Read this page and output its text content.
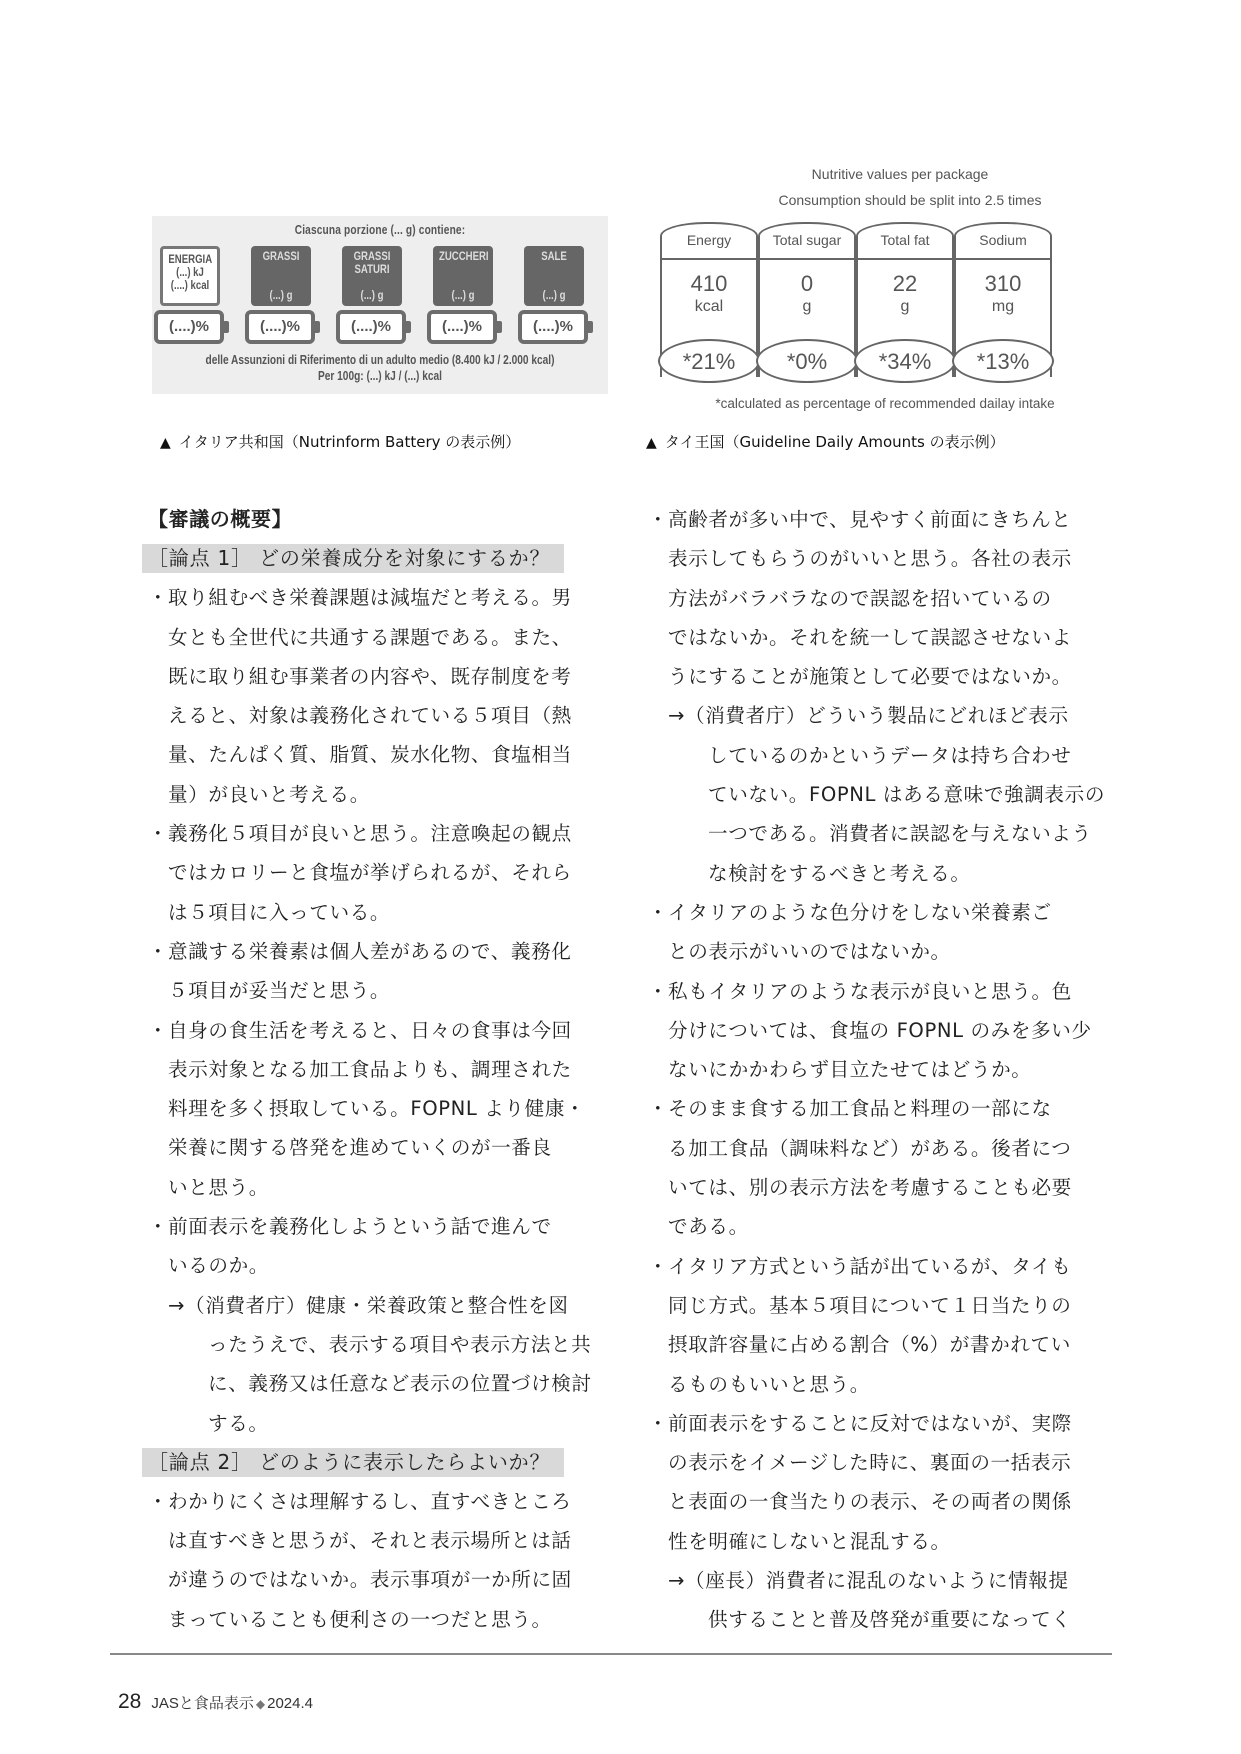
Ciascuna porzione (... g) contiene:
ENERGIA
(...) kJ
(....) kcal
(....)%
GRASSI
(...) g
(....)%
GRASSI SATURI
(...) g
(....)%
ZUCCHERI
(...) g
(....)%
SALE
(...) g
(....)%
delle Assunzioni di Riferimento di un adulto medio (8.400 kJ / 2.000 kcal)
Per 100g: (...) kJ / (...) kcal
Nutritive values per package
Consumption should be split into 2.5 times
Energy
410
kcal
*21%
Total sugar
0
g
*0%
Total fat
22
g
*34%
Sodium
310
mg
*13%
*calculated as percentage of recommended dailay intake
▲ イタリア共和国（Nutrinform Battery の表示例）	▲ タイ王国（Guideline Daily Amounts の表示例）
【審議の概要】
［論点 1］ どの栄養成分を対象にするか？
・取り組むべき栄養課題は減塩だと考える。男
女とも全世代に共通する課題である。また、
既に取り組む事業者の内容や、既存制度を考
えると、対象は義務化されている５項目（熱
量、たんぱく質、脂質、炭水化物、食塩相当
量）が良いと考える。
・義務化５項目が良いと思う。注意喚起の観点
ではカロリーと食塩が挙げられるが、それら
は５項目に入っている。
・意識する栄養素は個人差があるので、義務化
５項目が妥当だと思う。
・自身の食生活を考えると、日々の食事は今回
表示対象となる加工食品よりも、調理された
料理を多く摂取している。FOPNL より健康・
栄養に関する啓発を進めていくのが一番良
いと思う。
・前面表示を義務化しようという話で進んで
いるのか。
→（消費者庁）健康・栄養政策と整合性を図
ったうえで、表示する項目や表示方法と共
に、義務又は任意など表示の位置づけ検討
する。
［論点 2］ どのように表示したらよいか？
・わかりにくさは理解するし、直すべきところ
は直すべきと思うが、それと表示場所とは話
が違うのではないか。表示事項が一か所に固
まっていることも便利さの一つだと思う。
・高齢者が多い中で、見やすく前面にきちんと
表示してもらうのがいいと思う。各社の表示
方法がバラバラなので誤認を招いているの
ではないか。それを統一して誤認させないよ
うにすることが施策として必要ではないか。
→（消費者庁）どういう製品にどれほど表示
しているのかというデータは持ち合わせ
ていない。FOPNL はある意味で強調表示の
一つである。消費者に誤認を与えないよう
な検討をするべきと考える。
・イタリアのような色分けをしない栄養素ご
との表示がいいのではないか。
・私もイタリアのような表示が良いと思う。色
分けについては、食塩の FOPNL のみを多い少
ないにかかわらず目立たせてはどうか。
・そのまま食する加工食品と料理の一部にな
る加工食品（調味料など）がある。後者につ
いては、別の表示方法を考慮することも必要
である。
・イタリア方式という話が出ているが、タイも
同じ方式。基本５項目について１日当たりの
摂取許容量に占める割合（%）が書かれてい
るものもいいと思う。
・前面表示をすることに反対ではないが、実際
の表示をイメージした時に、裏面の一括表示
と表面の一食当たりの表示、その両者の関係
性を明確にしないと混乱する。
→（座長）消費者に混乱のないように情報提
供することと普及啓発が重要になってく
28 JASと食品表示 ◆ 2024.4
